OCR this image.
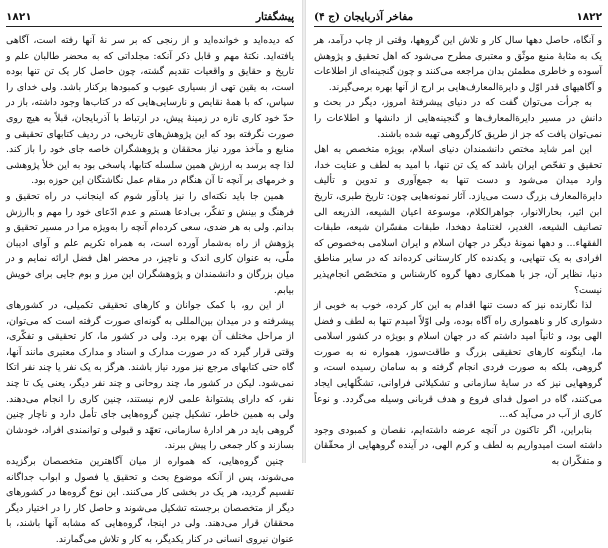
۱۸۲۱	پیشگفتار

که دیده‌اید و خوانده‌اید و از رنجی که بر سر نهٔ آنها رفته است، آگاهی یافته‌اید. نکتهٔ مهم و قابل ذکر آنکه: مجلداتی که به محضر طالبان علم و تاریخ و حقایق و واقعیات تقدیم گشته، چون حاصل کار یک تن تنها بوده است، به یقین تهی از بسیاری عیوب و کمبودها برکنار باشد. ولی خدای را سپاس، که با همهٔ نقایص و نارسایی‌هایی که در کتاب‌ها وجود داشته، باز در حدّ خود کاری تازه در زمینهٔ پیش، در ارتباط با آذربایجان، قبلاً به هیچ روی صورت نگرفته بود که این پژوهش‌های تاریخی، در ردیف کتابهای تحقیقی و منابع و مآخذ مورد نیاز محققان و پژوهشگران خاصه جای خود را باز کند. لذا چه برسد به ارزش همین سلسله کتابها، پاسخی بود به این خلأ پژوهشی و خرمهای بر آنچه تا آن هنگام در مقام عمل نگاشتگان این حوزه بود.

همین جا باید نکته‌ای را نیز یادآور شوم که اینجانب در راه تحقیق و فرهنگ و بینش و تفکّر، بی‌ادعا هستم و عدم ادّعای خود را مهم و باارزش بدانم. ولی به هر ضدی، سعی کرده‌ام آنچه را به‌ویژه مرا در مسیر تحقیق و پژوهش از راه به‌شمار آورده است، به همراه تکریم علم و آوای ادیبان ملّی، به عنوان کاری اندک و ناچیز، در محضر اهل فضل ارائه نمایم و در میان بزرگان و دانشمندان و پژوهشگران این مرز و بوم جایی برای خویش بیابم.

از این رو، با کمک جوانان و کارهای تحقیقی تکمیلی، در کشورهای پیشرفته و در میدان بین‌المللی به گونه‌ای صورت گرفته است که می‌توان، از مراحل مختلف آن بهره برد. ولی در کشور ما، کار تحقیقی و تفکّری، وقتی قرار گیرد که در صورت مدارک و اسناد و مدارک معتبری مانند آنها، گاه حتی کتابهای مرجع نیز مورد نیاز باشند. هرگز به یک نفر یا چند نفر اتکا نمی‌شود. لیکن در کشور ما، چند روحانی و چند نفر دیگر، یعنی یک تا چند نفر، که دارای پشتوانهٔ علمی لازم نیستند، چنین کاری را انجام می‌دهند. ولی به همین خاطر، تشکیل چنین گروه‌هایی جای تأمل دارد و ناچار چنین گروهی باید در هر ادارهٔ سازمانی، تعهّد و قبولی و توانمندی افراد، خودشان بسازند و کار جمعی را پیش ببرند.

چنین گروه‌هایی، که همواره از میان آگاهترین متخصصان برگزیده می‌شوند، پس از آنکه موضوع بحث و تحقیق یا فصول و ابواب جداگانه تقسیم گردید، هر یک در بخشی کار می‌کنند. این نوع گروه‌ها در کشورهای دیگر از متخصصان برجسته تشکیل می‌شوند و حاصل کار را در اختیار دیگر محققان قرار می‌دهند. ولی در اینجا، گروه‌هایی که مشابه آنها باشند، با عنوان نیروی انسانی در کنار یکدیگر، به کار و تلاش می‌گمارند.

مفاخر آذربایجان (ج ۴)	۱۸۲۲

و آنگاه، حاصل دهها سال کار و تلاش این گروهها، وقتی از چاپ درآمد، هر یک به مثابهٔ منبع موثّق و معتبری مطرح می‌شود که اهل تحقیق و پژوهش آسوده و خاطری مطمئن بدان مراجعه می‌کنند و چون گنجینه‌ای از اطلاعات و آگاهیهای قدر اوّل و دایرة‌المعارف‌هایی بر ارج از آنها بهره برمی‌گیرند.

به جرأت می‌توان گفت که در دنیای پیشرفتهٔ امروز، دیگر در بحث و دانش در مسیر دایرة‌المعارف‌ها و گنجینه‌هایی از دانشها و اطلاعات را نمی‌توان یافت که جز از طریق کارگروهی تهیه شده باشند.

این امر شاید مختص دانشمندان دنیای اسلام، بویژه متخصص به اهل تحقیق و تفحّص ایران باشد که یک تن تنها، با امید به لطف و عنایت خدا، وارد میدان می‌شود و دست تنها به جمع‌آوری و تدوین و تألیف دایرة‌المعارف بزرگ دست می‌یازد. آثار نمونه‌هایی چون: تاریخ طبری، تاریخ ابن اثیر، بحارالانوار، جواهرالکلام، موسوعة اعیان الشیعه، الذریعه الی تصانیف الشیعه، الغدیر، لغتنامهٔ دهخدا، طبقات مفسّران شیعه، طبقات الفقهاء... و دهها نمونهٔ دیگر در جهان اسلام و ایران اسلامی به‌خصوص که افرادی به یک تنهایی، و یکدنده کار کارستانی کرده‌اند که در سایر مناطق دنیا، نظایر آن، جز با همکاری دهها گروه کارشناس و متخصّص انجام‌پذیر نیست؟

لذا نگارنده نیز که دست تنها اقدام به این کار کرده، خوب به خوبی از دشواری کار و ناهمواری راه آگاه بوده، ولی اوّلاً امیدم تنها به لطف و فضل الهی بود، و ثانیاً امید داشتم که در جهان اسلام و بویژه در کشور اسلامی ما، اینگونه کارهای تحقیقی بزرگ و طاقت‌سوز، همواره نه به صورت گروهی، بلکه به صورت فردی انجام گرفته و به سامان رسیده است، و گروههایی نیز که در سایهٔ سازمانی و تشکیلاتی فراوانی، تشکّلهایی ایجاد می‌کنند، گاه در اصول فدای فروع و هدف قربانی وسیله می‌گردد. و نوعاً کاری از آب در می‌آید که...

بنابراین، اگر تاکنون در آنچه عرضه داشته‌ایم، نقصان و کمبودی وجود داشته است امیدواریم به لطف و کرم الهی، در آینده گروههایی از محقّقان و متفکّران به
